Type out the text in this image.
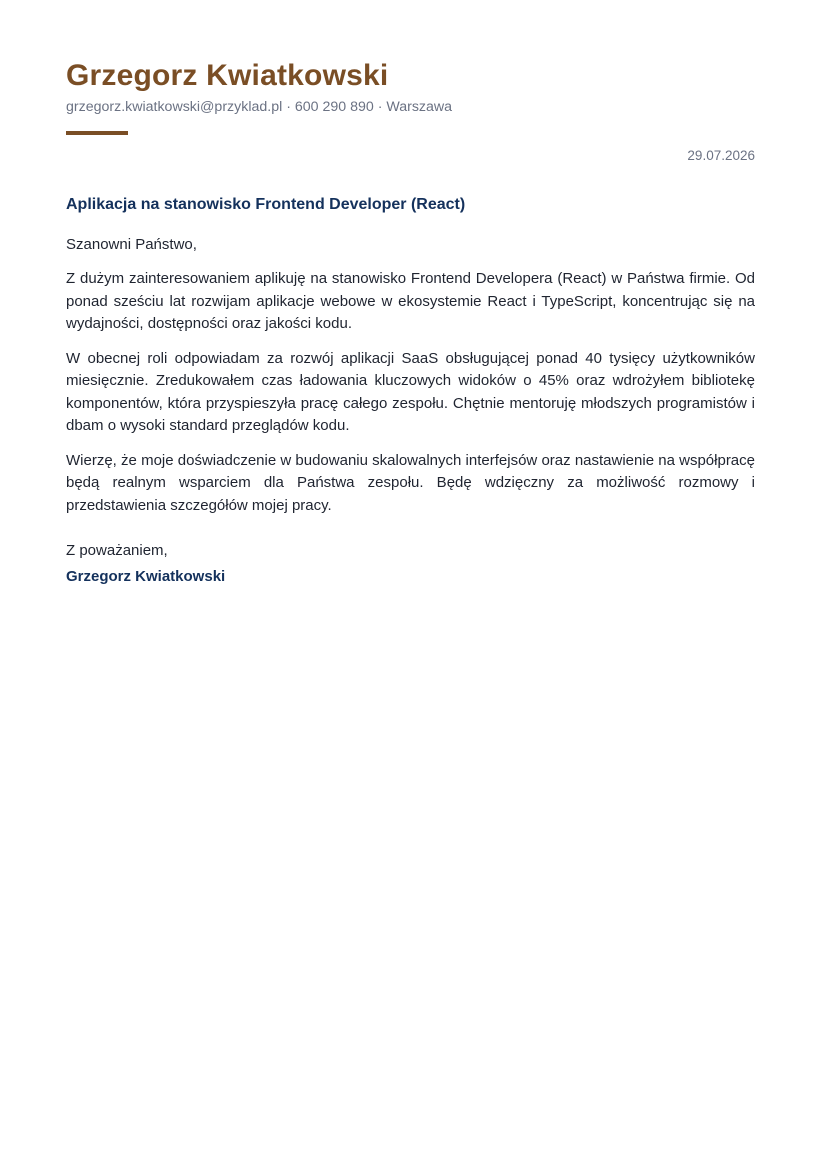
Grzegorz Kwiatkowski
grzegorz.kwiatkowski@przyklad.pl · 600 290 890 · Warszawa
29.07.2026
Aplikacja na stanowisko Frontend Developer (React)
Szanowni Państwo,

Z dużym zainteresowaniem aplikuję na stanowisko Frontend Developera (React) w Państwa firmie. Od ponad sześciu lat rozwijam aplikacje webowe w ekosystemie React i TypeScript, koncentrując się na wydajności, dostępności oraz jakości kodu.

W obecnej roli odpowiadam za rozwój aplikacji SaaS obsługującej ponad 40 tysięcy użytkowników miesięcznie. Zredukowałem czas ładowania kluczowych widoków o 45% oraz wdrożyłem bibliotekę komponentów, która przyspieszyła pracę całego zespołu. Chętnie mentoruję młodszych programistów i dbam o wysoki standard przeglądów kodu.

Wierzę, że moje doświadczenie w budowaniu skalowalnych interfejsów oraz nastawienie na współpracę będą realnym wsparciem dla Państwa zespołu. Będę wdzięczny za możliwość rozmowy i przedstawienia szczegółów mojej pracy.

Z poważaniem,
Grzegorz Kwiatkowski
